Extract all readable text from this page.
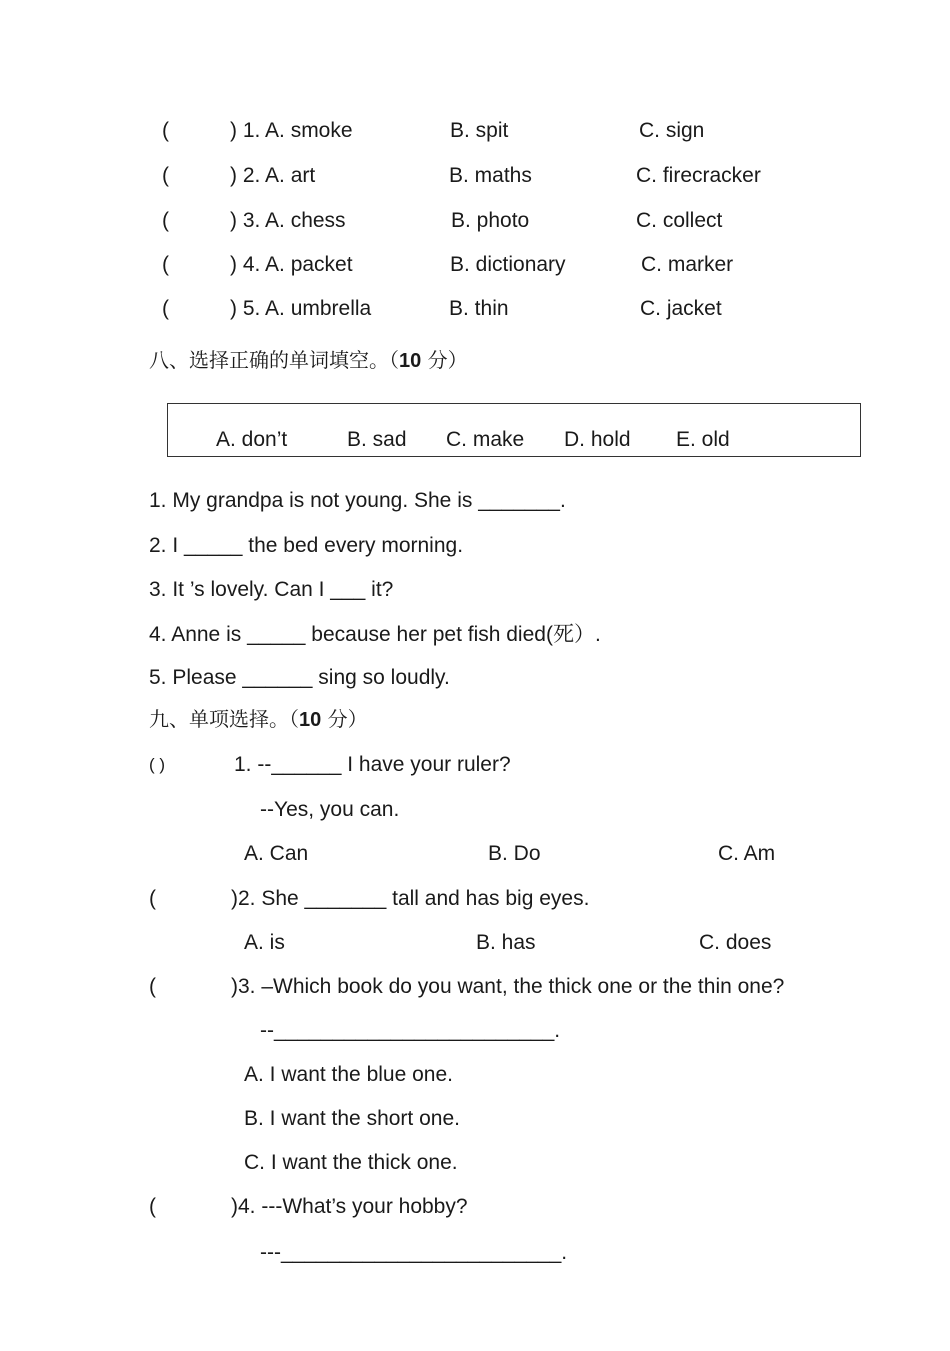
(	) 1. A. smoke	B. spit	C. sign
(	) 2. A. art	B. maths	C. firecracker
(	) 3. A. chess	B. photo	C. collect
(	) 4. A. packet	B. dictionary	C. marker
(	) 5. A. umbrella	B. thin	C. jacket
八、选择正确的单词填空。（10 分）
A. don’t	B. sad C. make D. hold E. old
1. My grandpa is not young. She is _______.
2. I _____ the bed every morning.
3. It ’s lovely. Can I ___ it?
4. Anne is _____ because her pet fish died(死）.
5. Please ______ sing so loudly.
九、单项选择。（10 分）
( )	1. --______ I have your ruler?
--Yes, you can.
A. Can	B. Do	C. Am
(	)2. She _______ tall and has big eyes.
A. is	B. has	C. does
(	)3. –Which book do you want, the thick one or the thin one?
--________________________.
A. I want the blue one.
B. I want the short one.
C. I want the thick one.
(	)4. ---What’s your hobby?
---________________________.
